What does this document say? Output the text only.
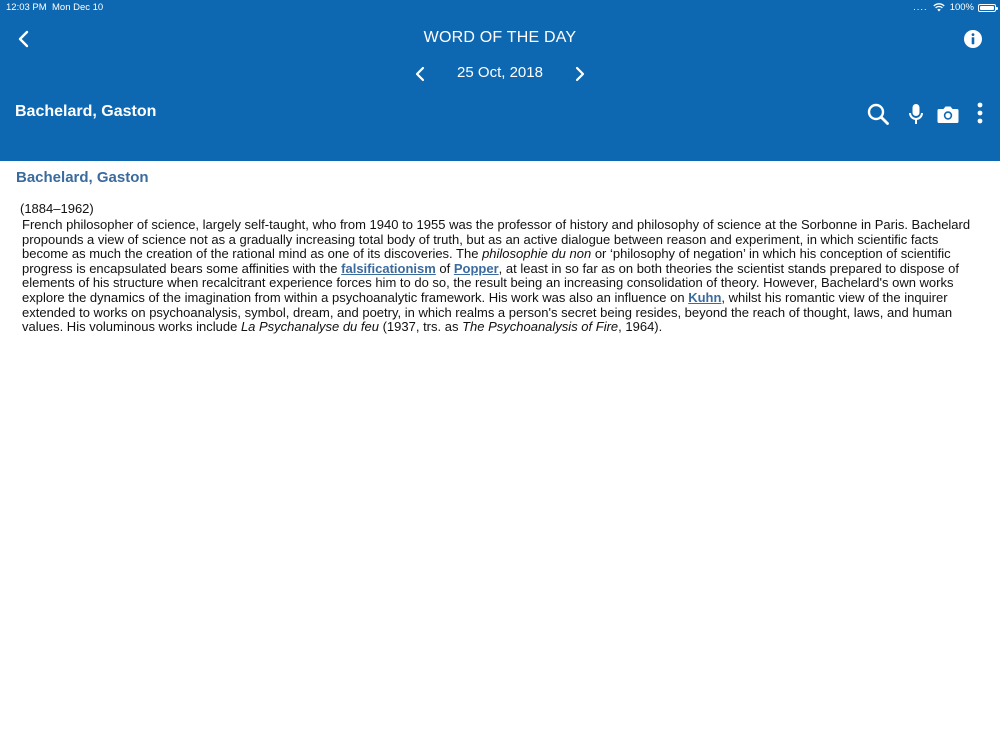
12:03 PM Mon Dec 10	.... 100%
WORD OF THE DAY
25 Oct, 2018
Bachelard, Gaston
Bachelard, Gaston
(1884–1962)
French philosopher of science, largely self-taught, who from 1940 to 1955 was the professor of history and philosophy of science at the Sorbonne in Paris. Bachelard propounds a view of science not as a gradually increasing total body of truth, but as an active dialogue between reason and experiment, in which scientific facts become as much the creation of the rational mind as one of its discoveries. The philosophie du non or ‘philosophy of negation’ in which his conception of scientific progress is encapsulated bears some affinities with the falsificationism of Popper, at least in so far as on both theories the scientist stands prepared to dispose of elements of his structure when recalcitrant experience forces him to do so, the result being an increasing consolidation of theory. However, Bachelard's own works explore the dynamics of the imagination from within a psychoanalytic framework. His work was also an influence on Kuhn, whilst his romantic view of the inquirer extended to works on psychoanalysis, symbol, dream, and poetry, in which realms a person's secret being resides, beyond the reach of thought, laws, and human values. His voluminous works include La Psychanalyse du feu (1937, trs. as The Psychoanalysis of Fire, 1964).
